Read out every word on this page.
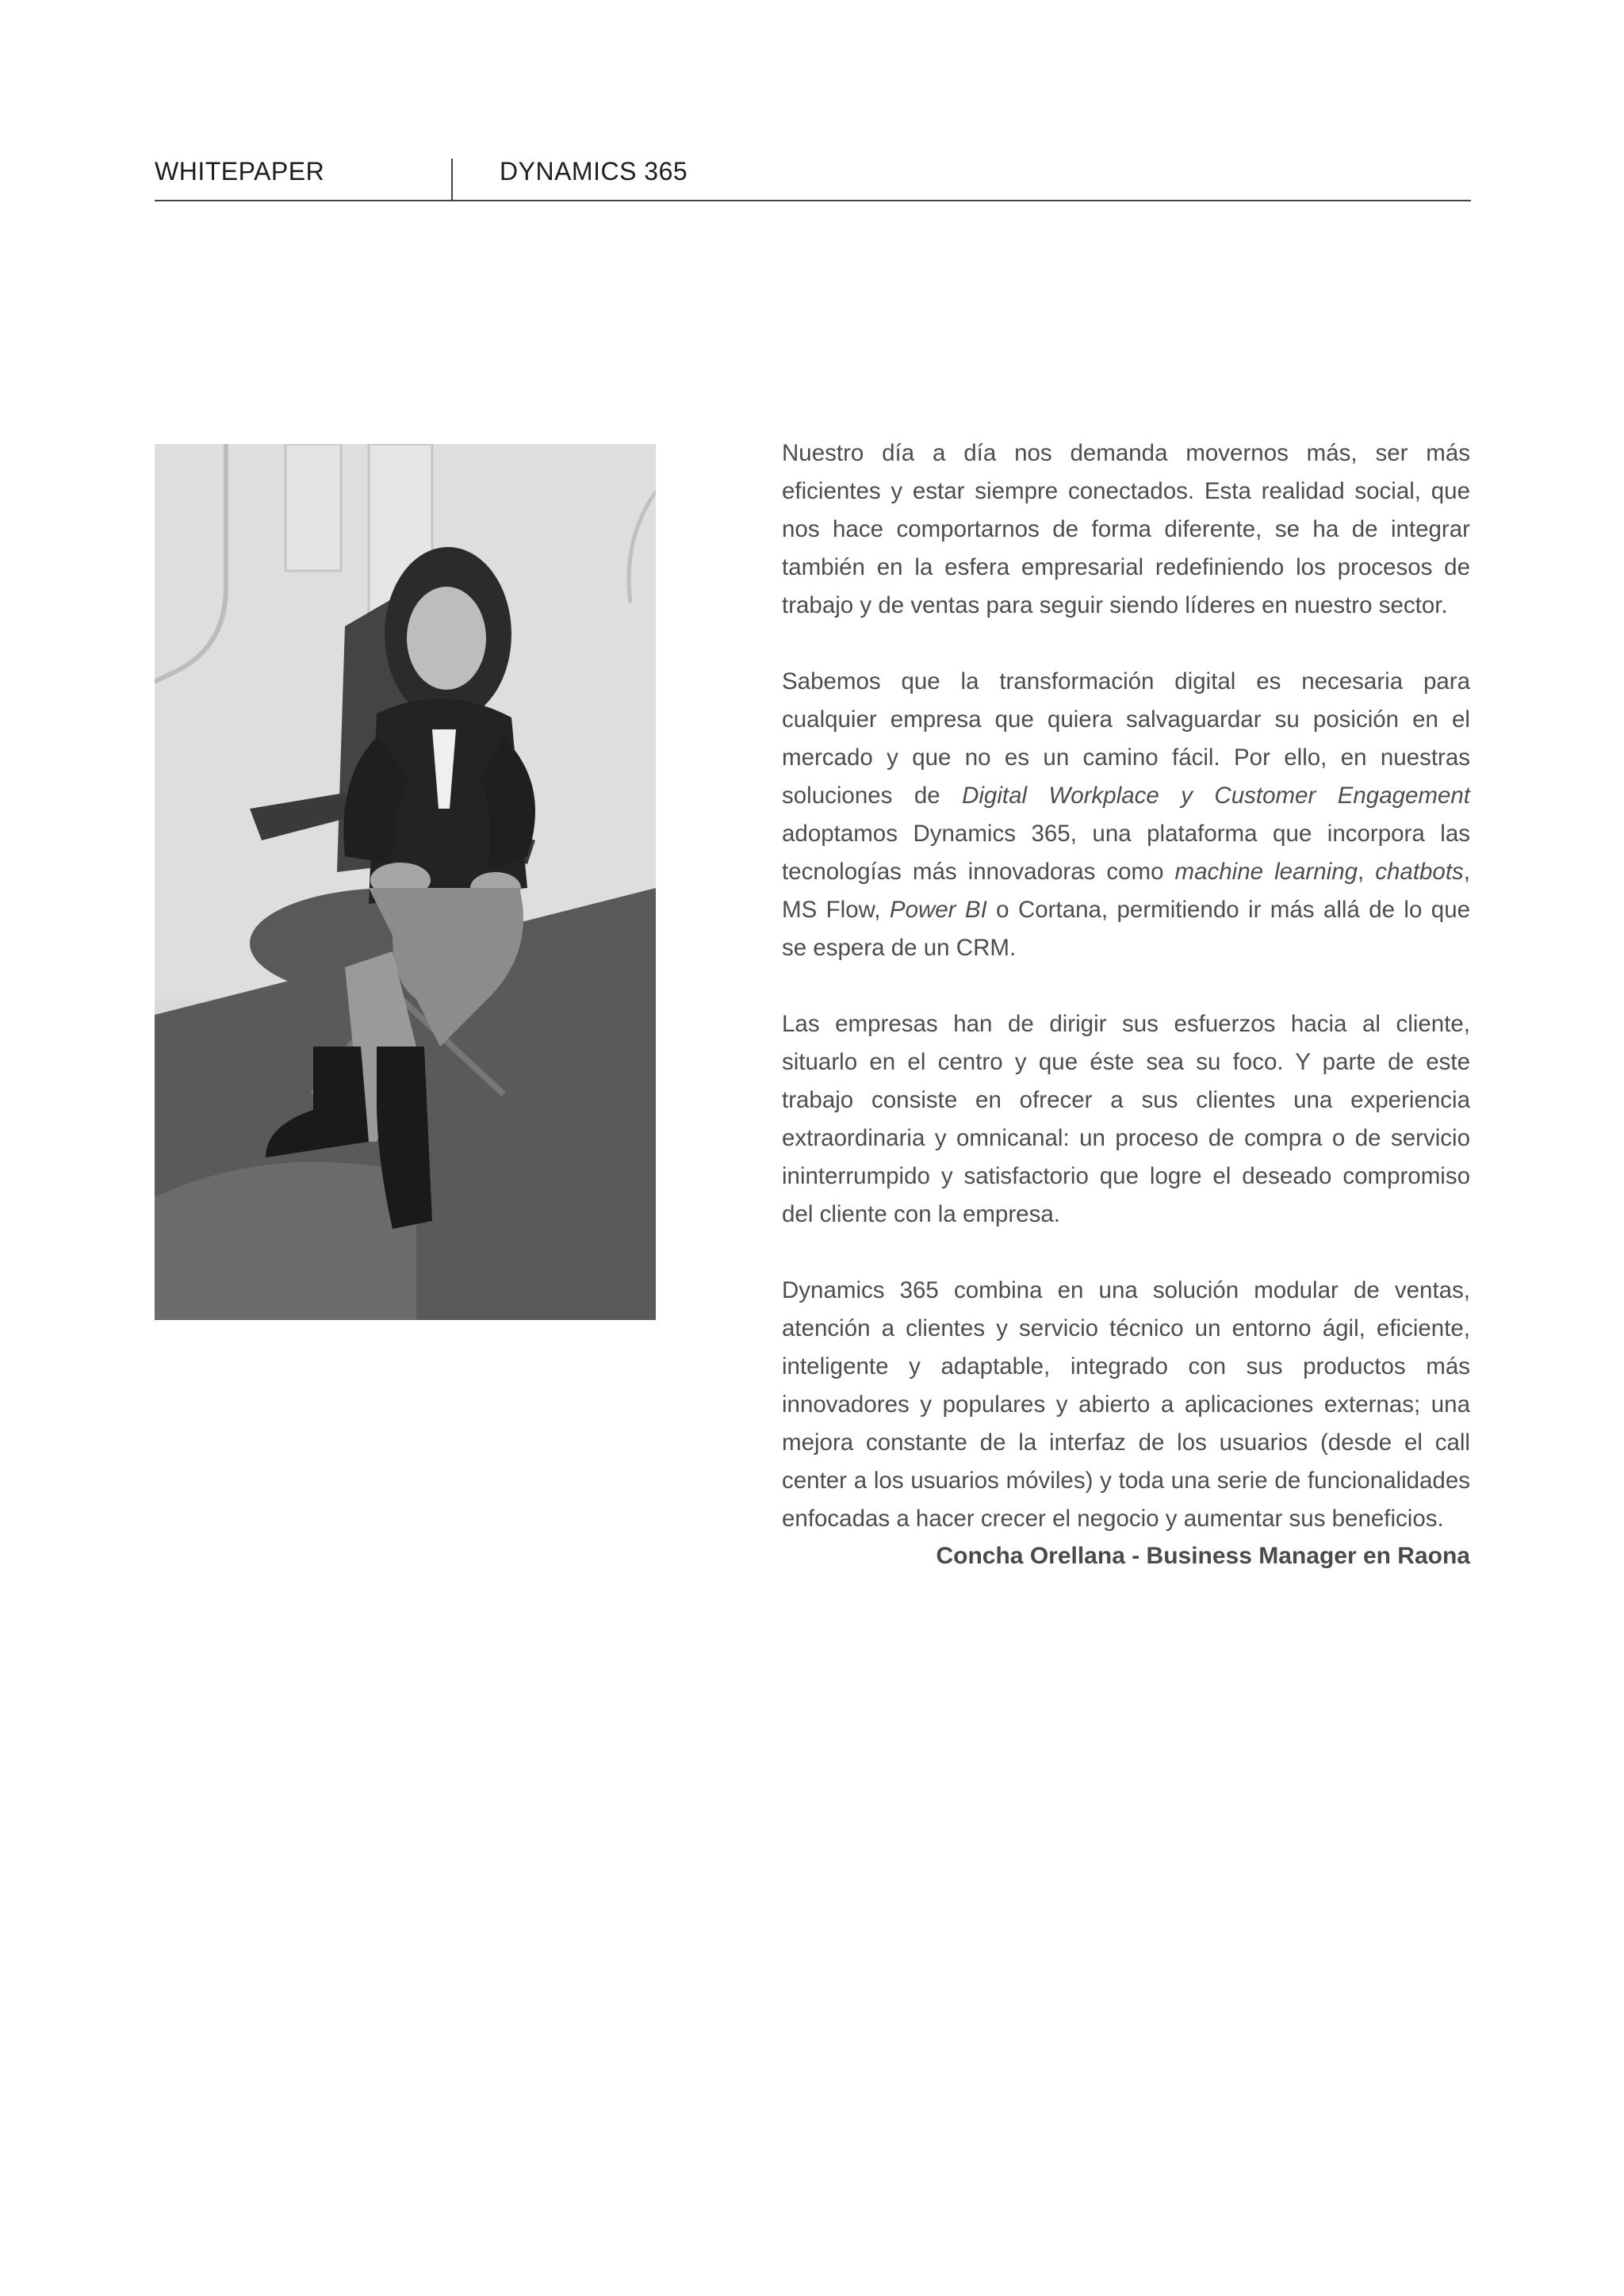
WHITEPAPER	DYNAMICS 365

Nuestro día a día nos demanda movernos más, ser más eficientes y estar siempre conectados. Esta realidad social, que nos hace comportarnos de forma diferente, se ha de integrar también en la esfera empresarial redefiniendo los procesos de trabajo y de ventas para seguir siendo líderes en nuestro sector.

Sabemos que la transformación digital es necesaria para cualquier empresa que quiera salvaguardar su posición en el mercado y que no es un camino fácil. Por ello, en nuestras soluciones de Digital Workplace y Customer Engagement adoptamos Dynamics 365, una plataforma que incorpora las tecnologías más innovadoras como machine learning, chatbots, MS Flow, Power BI o Cortana, permitiendo ir más allá de lo que se espera de un CRM.

Las empresas han de dirigir sus esfuerzos hacia al cliente, situarlo en el centro y que éste sea su foco. Y parte de este trabajo consiste en ofrecer a sus clientes una experiencia extraordinaria y omnicanal: un proceso de compra o de servicio ininterrumpido y satisfactorio que logre el deseado compromiso del cliente con la empresa.

Dynamics 365 combina en una solución modular de ventas, atención a clientes y servicio técnico un entorno ágil, eficiente, inteligente y adaptable, integrado con sus productos más innovadores y populares y abierto a aplicaciones externas; una mejora constante de la interfaz de los usuarios (desde el call center a los usuarios móviles) y toda una serie de funcionalidades enfocadas a hacer crecer el negocio y aumentar sus beneficios.

Concha Orellana - Business Manager en Raona
